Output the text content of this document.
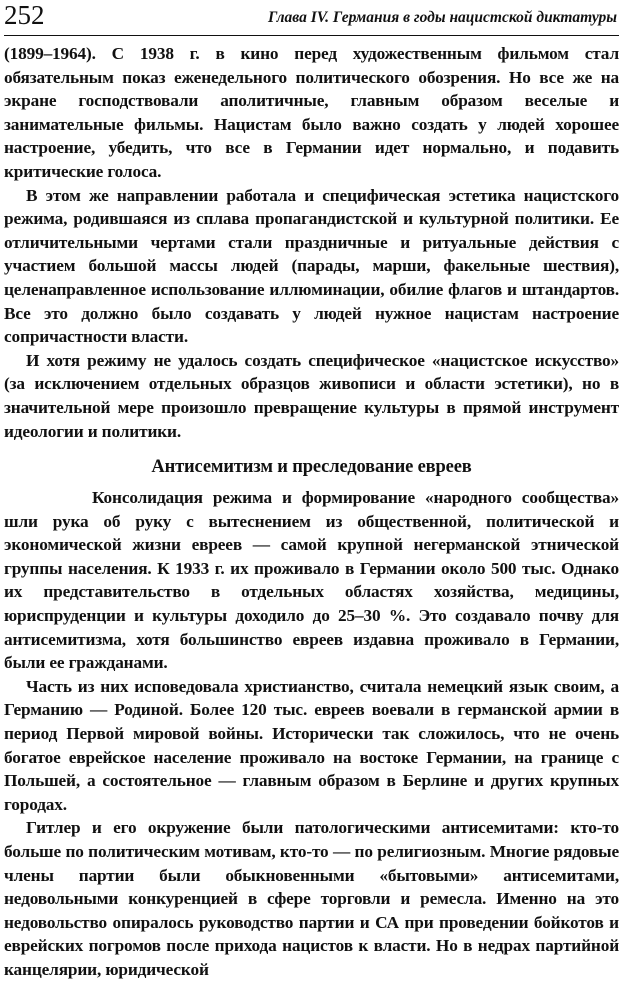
252	Глава IV. Германия в годы нацистской диктатуры

(1899–1964). С 1938 г. в кино перед художественным фильмом стал обязательным показ еженедельного политического обозрения. Но все же на экране господствовали аполитичные, главным образом веселые и занимательные фильмы. Нацистам было важно создать у людей хорошее настроение, убедить, что все в Германии идет нормально, и подавить критические голоса.

В этом же направлении работала и специфическая эстетика нацистского режима, родившаяся из сплава пропагандистской и культурной политики. Ее отличительными чертами стали праздничные и ритуальные действия с участием большой массы людей (парады, марши, факельные шествия), целенаправленное использование иллюминации, обилие флагов и штандартов. Все это должно было создавать у людей нужное нацистам настроение сопричастности власти.

И хотя режиму не удалось создать специфическое «нацистское искусство» (за исключением отдельных образцов живописи и области эстетики), но в значительной мере произошло превращение культуры в прямой инструмент идеологии и политики.

Антисемитизм и преследование евреев

Консолидация режима и формирование «народного сообщества» шли рука об руку с вытеснением из общественной, политической и экономической жизни евреев — самой крупной негерманской этнической группы населения. К 1933 г. их проживало в Германии около 500 тыс. Однако их представительство в отдельных областях хозяйства, медицины, юриспруденции и культуры доходило до 25–30 %. Это создавало почву для антисемитизма, хотя большинство евреев издавна проживало в Германии, были ее гражданами.

Часть из них исповедовала христианство, считала немецкий язык своим, а Германию — Родиной. Более 120 тыс. евреев воевали в германской армии в период Первой мировой войны. Исторически так сложилось, что не очень богатое еврейское население проживало на востоке Германии, на границе с Польшей, а состоятельное — главным образом в Берлине и других крупных городах.

Гитлер и его окружение были патологическими антисемитами: кто-то больше по политическим мотивам, кто-то — по религиозным. Многие рядовые члены партии были обыкновенными «бытовыми» антисемитами, недовольными конкуренцией в сфере торговли и ремесла. Именно на это недовольство опиралось руководство партии и СА при проведении бойкотов и еврейских погромов после прихода нацистов к власти. Но в недрах партийной канцелярии, юридической
